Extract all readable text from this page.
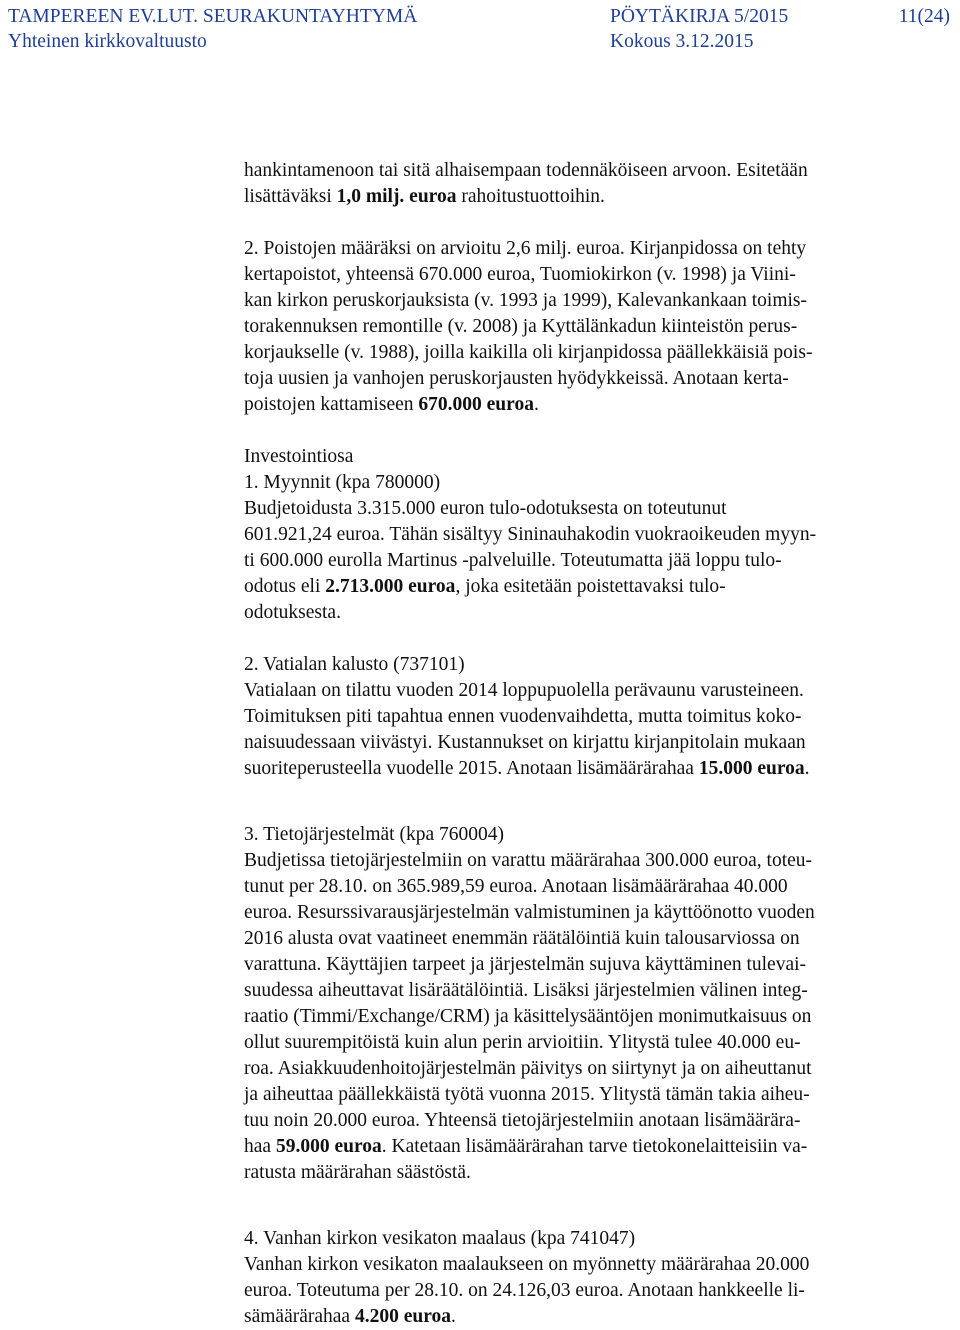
TAMPEREEN EV.LUT. SEURAKUNTAYHTYMÄ	PÖYTÄKIRJA 5/2015	11(24)
Yhteinen kirkkovaltuusto	Kokous 3.12.2015
hankintamenoon tai sitä alhaisempaan todennäköiseen arvoon. Esitetään
lisättäväksi 1,0 milj. euroa rahoitustuottoihin.
2. Poistojen määräksi on arvioitu 2,6 milj. euroa. Kirjanpidossa on tehty
kertapoistot, yhteensä 670.000 euroa, Tuomiokirkon (v. 1998) ja Viini-
kan kirkon peruskorjauksista (v. 1993 ja 1999), Kalevankankaan toimis-
torakennuksen remontille (v. 2008) ja Kyttälänkadun kiinteistön perus-
korjaukselle (v. 1988), joilla kaikilla oli kirjanpidossa päällekkäisiä pois-
toja uusien ja vanhojen peruskorjausten hyödykkeissä. Anotaan kerta-
poistojen kattamiseen 670.000 euroa.
Investointiosa
1. Myynnit (kpa 780000)
Budjetoidusta 3.315.000 euron tulo-odotuksesta on toteutunut
601.921,24 euroa. Tähän sisältyy Sininauhakodin vuokraoikeuden myyn-
ti 600.000 eurolla Martinus -palveluille. Toteutumatta jää loppu tulo-
odotus eli 2.713.000 euroa, joka esitetään poistettavaksi tulo-
odotuksesta.
2. Vatialan kalusto (737101)
Vatialaan on tilattu vuoden 2014 loppupuolella perävaunu varusteineen.
Toimituksen piti tapahtua ennen vuodenvaihdetta, mutta toimitus koko-
naisuudessaan viivästyi. Kustannukset on kirjattu kirjanpitolain mukaan
suoriteperusteella vuodelle 2015. Anotaan lisämäärärahaa 15.000 euroa.
3. Tietojärjestelmät (kpa 760004)
Budjetissa tietojärjestelmiin on varattu määrärahaa 300.000 euroa, toteu-
tunut per 28.10. on 365.989,59 euroa. Anotaan lisämäärärahaa 40.000
euroa. Resurssivarausjärjestelmän valmistuminen ja käyttöönotto vuoden
2016 alusta ovat vaatineet enemmän räätälöintiä kuin talousarviossa on
varattuna. Käyttäjien tarpeet ja järjestelmän sujuva käyttäminen tulevai-
suudessa aiheuttavat lisäräätälöintiä. Lisäksi järjestelmien välinen integ-
raatio (Timmi/Exchange/CRM) ja käsittelysääntöjen monimutkaisuus on
ollut suurempitöistä kuin alun perin arvioitiin. Ylitystä tulee 40.000 eu-
roa. Asiakkuudenhoitojärjestelmän päivitys on siirtynyt ja on aiheuttanut
ja aiheuttaa päällekkäistä työtä vuonna 2015. Ylitystä tämän takia aiheu-
tuu noin 20.000 euroa. Yhteensä tietojärjestelmiin anotaan lisämäärära-
haa 59.000 euroa. Katetaan lisämäärärahan tarve tietokonelaitteisiin va-
ratusta määrärahan säästöstä.
4. Vanhan kirkon vesikaton maalaus (kpa 741047)
Vanhan kirkon vesikaton maalaukseen on myönnetty määrärahaa 20.000
euroa. Toteutuma per 28.10. on 24.126,03 euroa. Anotaan hankkeelle li-
sämäärärahaa 4.200 euroa.
